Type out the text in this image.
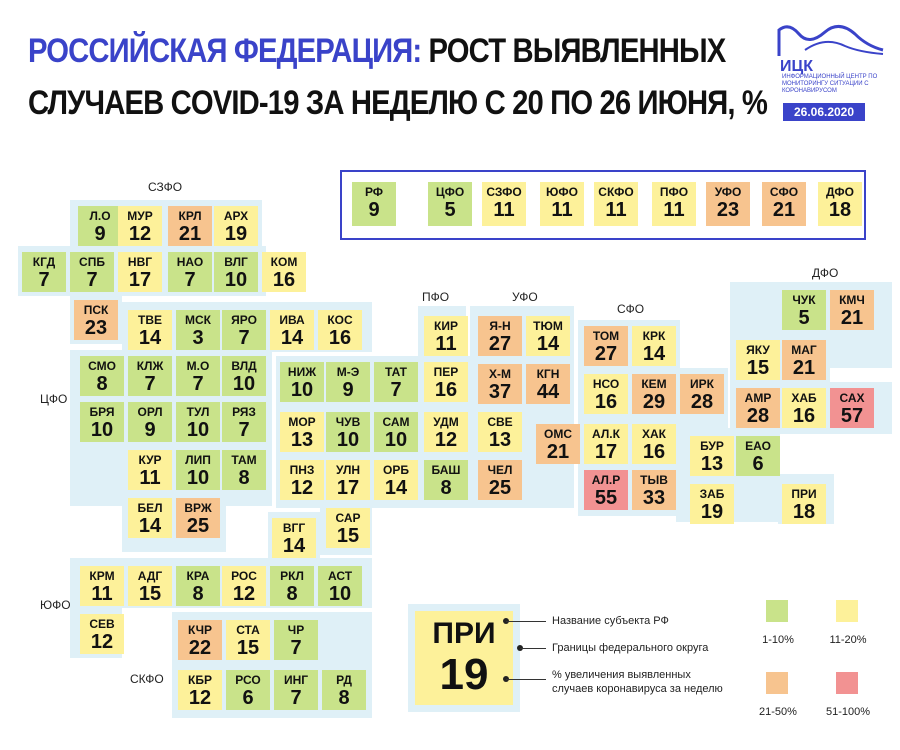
РОССИЙСКАЯ ФЕДЕРАЦИЯ: РОСТ ВЫЯВЛЕННЫХ
СЛУЧАЕВ COVID-19 ЗА НЕДЕЛЮ С 20 ПО 26 ИЮНЯ, %
ИЦК
ИНФОРМАЦИОННЫЙ ЦЕНТР ПО МОНИТОРИНГУ СИТУАЦИИ С КОРОНАВИРУСОМ
26.06.2020
СЗФО
ЦФО
ЮФО
СКФО
ПФО	УФО
СФО
ДФО
РФ
9
ЦФО
5
СЗФО
11
ЮФО
11
СКФО
11
ПФО
11
УФО
23
СФО
21
ДФО
18
Л.О
9
МУР
12
КРЛ
21
АРХ
19
КГД
7
СПБ
7
НВГ
17
НАО
7
ВЛГ
10
КОМ
16
ПСК
23	ТВЕ
14
МСК
3
ЯРО
7
ИВА
14
КОС
16
СМО
8
КЛЖ
7
М.О
7
ВЛД
10
БРЯ
10
ОРЛ
9
ТУЛ
10
РЯЗ
7
КУР
11
ЛИП
10
ТАМ
8
БЕЛ
14
ВРЖ
25
КИР
11
НИЖ
10
М-Э
9
ТАТ
7
ПЕР
16
МОР
13
ЧУВ
10
САМ
10
УДМ
12
ПНЗ
12
УЛН
17
ОРБ
14
БАШ
8
САР
15
Я-Н
27
ТЮМ
14
Х-М
37
КГН
44
СВЕ
13
ЧЕЛ
25
ТОМ
27
КРК
14
НСО
16
КЕМ
29
ИРК
28
ОМС
21
АЛ.К
17
ХАК
16
АЛ.Р
55
ТЫВ
33
ЧУК
5
КМЧ
21
ЯКУ
15
МАГ
21
АМР
28
ХАБ
16
САХ
57
БУР
13
ЕАО
6
ЗАБ
19
ПРИ
18
ВГГ
14
КРМ
11
АДГ
15
КРА
8
РОС
12
РКЛ
8
АСТ
10
СЕВ
12
КЧР
22
СТА
15
ЧР
7
КБР
12
РСО
6
ИНГ
7
РД
8
ПРИ
19
Название субъекта РФ
Границы федерального округа
% увеличения выявленных случаев коронавируса за неделю
1-10%	11-20%
21-50%	51-100%
